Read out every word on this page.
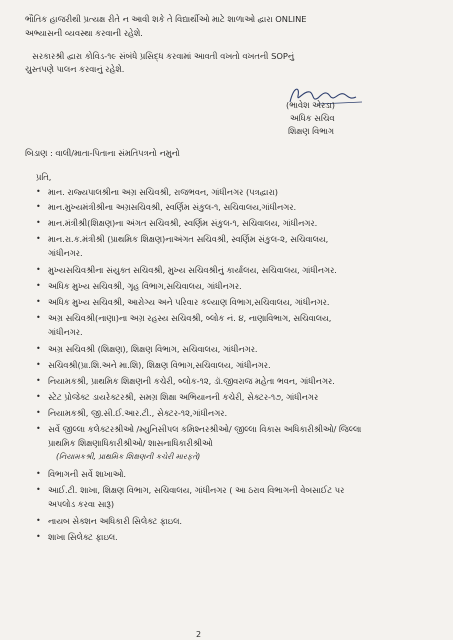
ભૌતિક હાજરીથી પ્રત્યક્ષ રીતે ન આવી શકે તે વિદ્યાર્થીઓ માટે શાળાઓ દ્વારા ONLINE
અભ્યાસની વ્યવસ્થા કરવાની રહેશે.
સરકારશ્રી દ્વારા કોવિડ-૧૯ સંબંધે પ્રસિદ્ધ કરવામાં આવતી વખતો વખતની SOPનું
ચુસ્તપણે પાલન કરવાનું રહેશે.
(ભાવેશ એરડા)
અધિક સચિવ
શિક્ષણ વિભાગ
બિડાણ : વાલી/માતા-પિતાના સંમતિપત્રનો નમુનો
પ્રતિ,
• માન. રાજ્યપાલશ્રીના અગ્ર સચિવશ્રી, રાજભવન, ગાંધીનગર (પત્રદ્વારા)
• માન.મુખ્યમંત્રીશ્રીના અગ્રસચિવશ્રી, સ્વર્ણિમ સંકુલ-૧, સચિવાલય,ગાંધીનગર.
• માન.મંત્રીશ્રી(શિક્ષણ)ના અંગત સચિવશ્રી, સ્વર્ણિમ સંકુલ-૧, સચિવાલય, ગાંધીનગર.
• માન.રા.ક.મંત્રીશ્રી (પ્રાથમિક શિક્ષણ)નાઅંગત સચિવશ્રી, સ્વર્ણિમ સંકુલ-૨, સચિવાલય,
ગાંધીનગર.
• મુખ્યસચિવશ્રીના સંયુક્ત સચિવશ્રી, મુખ્ય સચિવશ્રીનું કાર્યાલય, સચિવાલય, ગાંધીનગર.
• અધિક મુખ્ય સચિવશ્રી, ગૃહ વિભાગ,સચિવાલય, ગાંધીનગર.
• અધિક મુખ્ય સચિવશ્રી, આરોગ્ય અને પરિવાર કલ્યાણ વિભાગ,સચિવાલય, ગાંધીનગર.
• અગ્ર સચિવશ્રી(નાણા)ના અગ્ર રહસ્ય સચિવશ્રી, બ્લોક નં. ૪, નાણાવિભાગ, સચિવાલય,
ગાંધીનગર.
• અગ્ર સચિવશ્રી (શિક્ષણ), શિક્ષણ વિભાગ, સચિવાલય, ગાંધીનગર.
• સચિવશ્રી(પ્રા.શિ.અને મા.શિ), શિક્ષણ વિભાગ,સચિવાલય, ગાંધીનગર.
• નિયામકશ્રી, પ્રાથમિક શિક્ષણની કચેરી, બ્લોક-૧૨, ડૉ.જીવરાજ મહેતા ભવન, ગાંધીનગર.
• સ્ટેટ પ્રોજેક્ટ ડાયરેક્ટરશ્રી, સમગ્ર શિક્ષા અભિયાનની કચેરી, સેક્ટર-૧૭, ગાંધીનગર
• નિયામકશ્રી, જી.સી.ઈ.આર.ટી., સેક્ટર-૧૨,ગાંધીનગર.
• સર્વે જીલ્લા કલેક્ટરશ્રીઓ /મ્યુનિસીપલ કમિશ્નરશ્રીઓ/ જીલ્લા વિકાસ અધિકારીશ્રીઓ/ જિલ્લા
પ્રાથમિક શિક્ષણાધિકારીશ્રીઓ/ શાસનાધિકારીશ્રીઓ
(નિયામકશ્રી, પ્રાથમિક શિક્ષણની કચેરી મારફતે)
• વિભાગની સર્વે શાખાઓ.
• આઈ.ટી. શાખા, શિક્ષણ વિભાગ, સચિવાલય, ગાંધીનગર ( આ ઠરાવ વિભાગની વેબસાઈટ પર
અપલોડ કરવા સારૂ)
• નાયબ સેક્શન અધિકારી સિલેક્ટ ફાઇલ.
• શાખા સિલેક્ટ ફાઇલ.
2
